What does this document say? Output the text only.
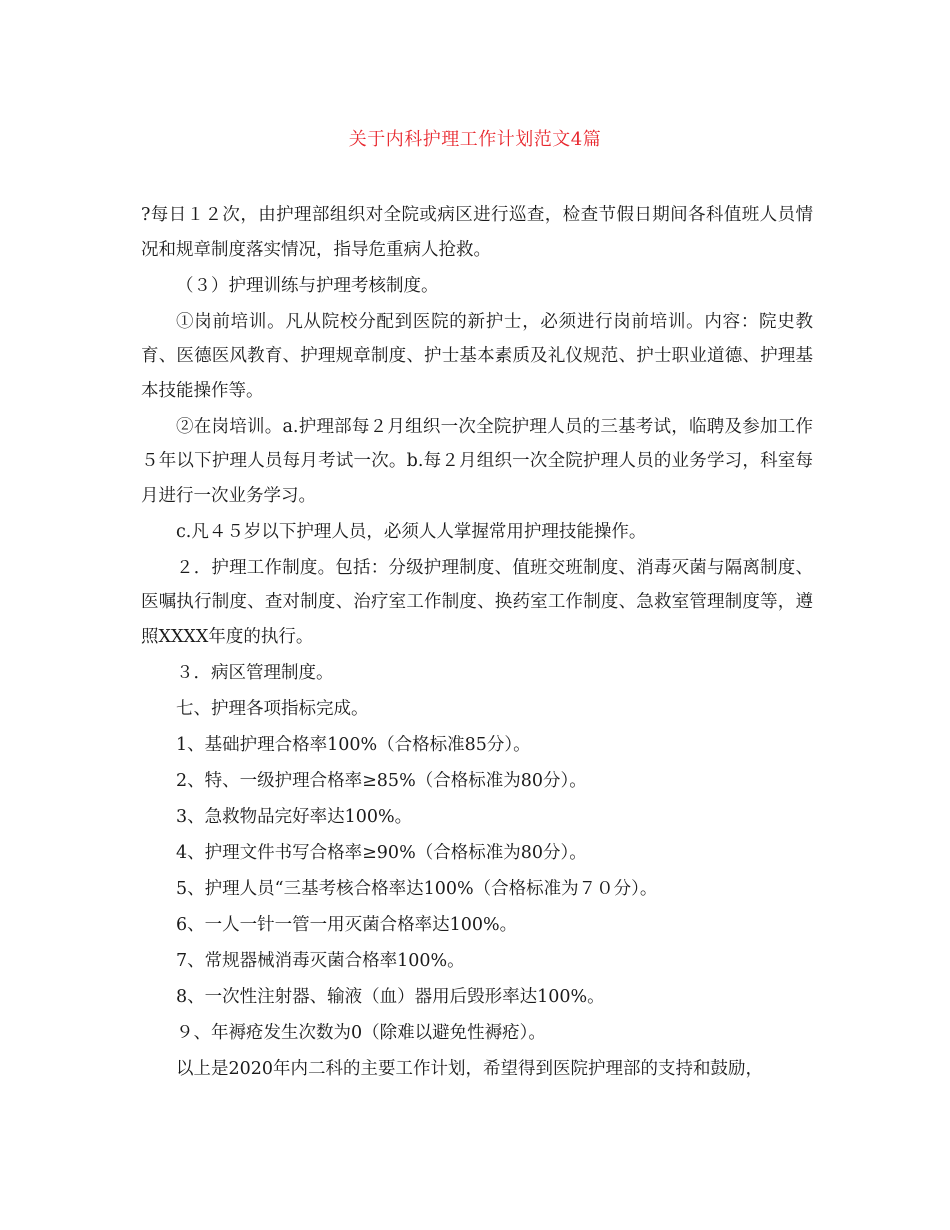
关于内科护理工作计划范文4篇

?每日１２次，由护理部组织对全院或病区进行巡查，检查节假日期间各科值班人员情况和规章制度落实情况，指导危重病人抢救。

（３）护理训练与护理考核制度。

①岗前培训。凡从院校分配到医院的新护士，必须进行岗前培训。内容：院史教育、医德医风教育、护理规章制度、护士基本素质及礼仪规范、护士职业道德、护理基本技能操作等。

②在岗培训。a.护理部每２月组织一次全院护理人员的三基考试，临聘及参加工作５年以下护理人员每月考试一次。b.每２月组织一次全院护理人员的业务学习，科室每月进行一次业务学习。

c.凡４５岁以下护理人员，必须人人掌握常用护理技能操作。

２．护理工作制度。包括：分级护理制度、值班交班制度、消毒灭菌与隔离制度、医嘱执行制度、查对制度、治疗室工作制度、换药室工作制度、急救室管理制度等，遵照XXXX年度的执行。

３．病区管理制度。

七、护理各项指标完成。

1、基础护理合格率100%（合格标准85分）。

2、特、一级护理合格率≥85%（合格标准为80分）。

3、急救物品完好率达100%。

4、护理文件书写合格率≥90%（合格标准为80分）。

5、护理人员“三基考核合格率达100%（合格标准为７０分）。

6、一人一针一管一用灭菌合格率达100%。

7、常规器械消毒灭菌合格率100%。

8、一次性注射器、输液（血）器用后毁形率达100%。

９、年褥疮发生次数为0（除难以避免性褥疮）。

以上是2020年内二科的主要工作计划，希望得到医院护理部的支持和鼓励，
